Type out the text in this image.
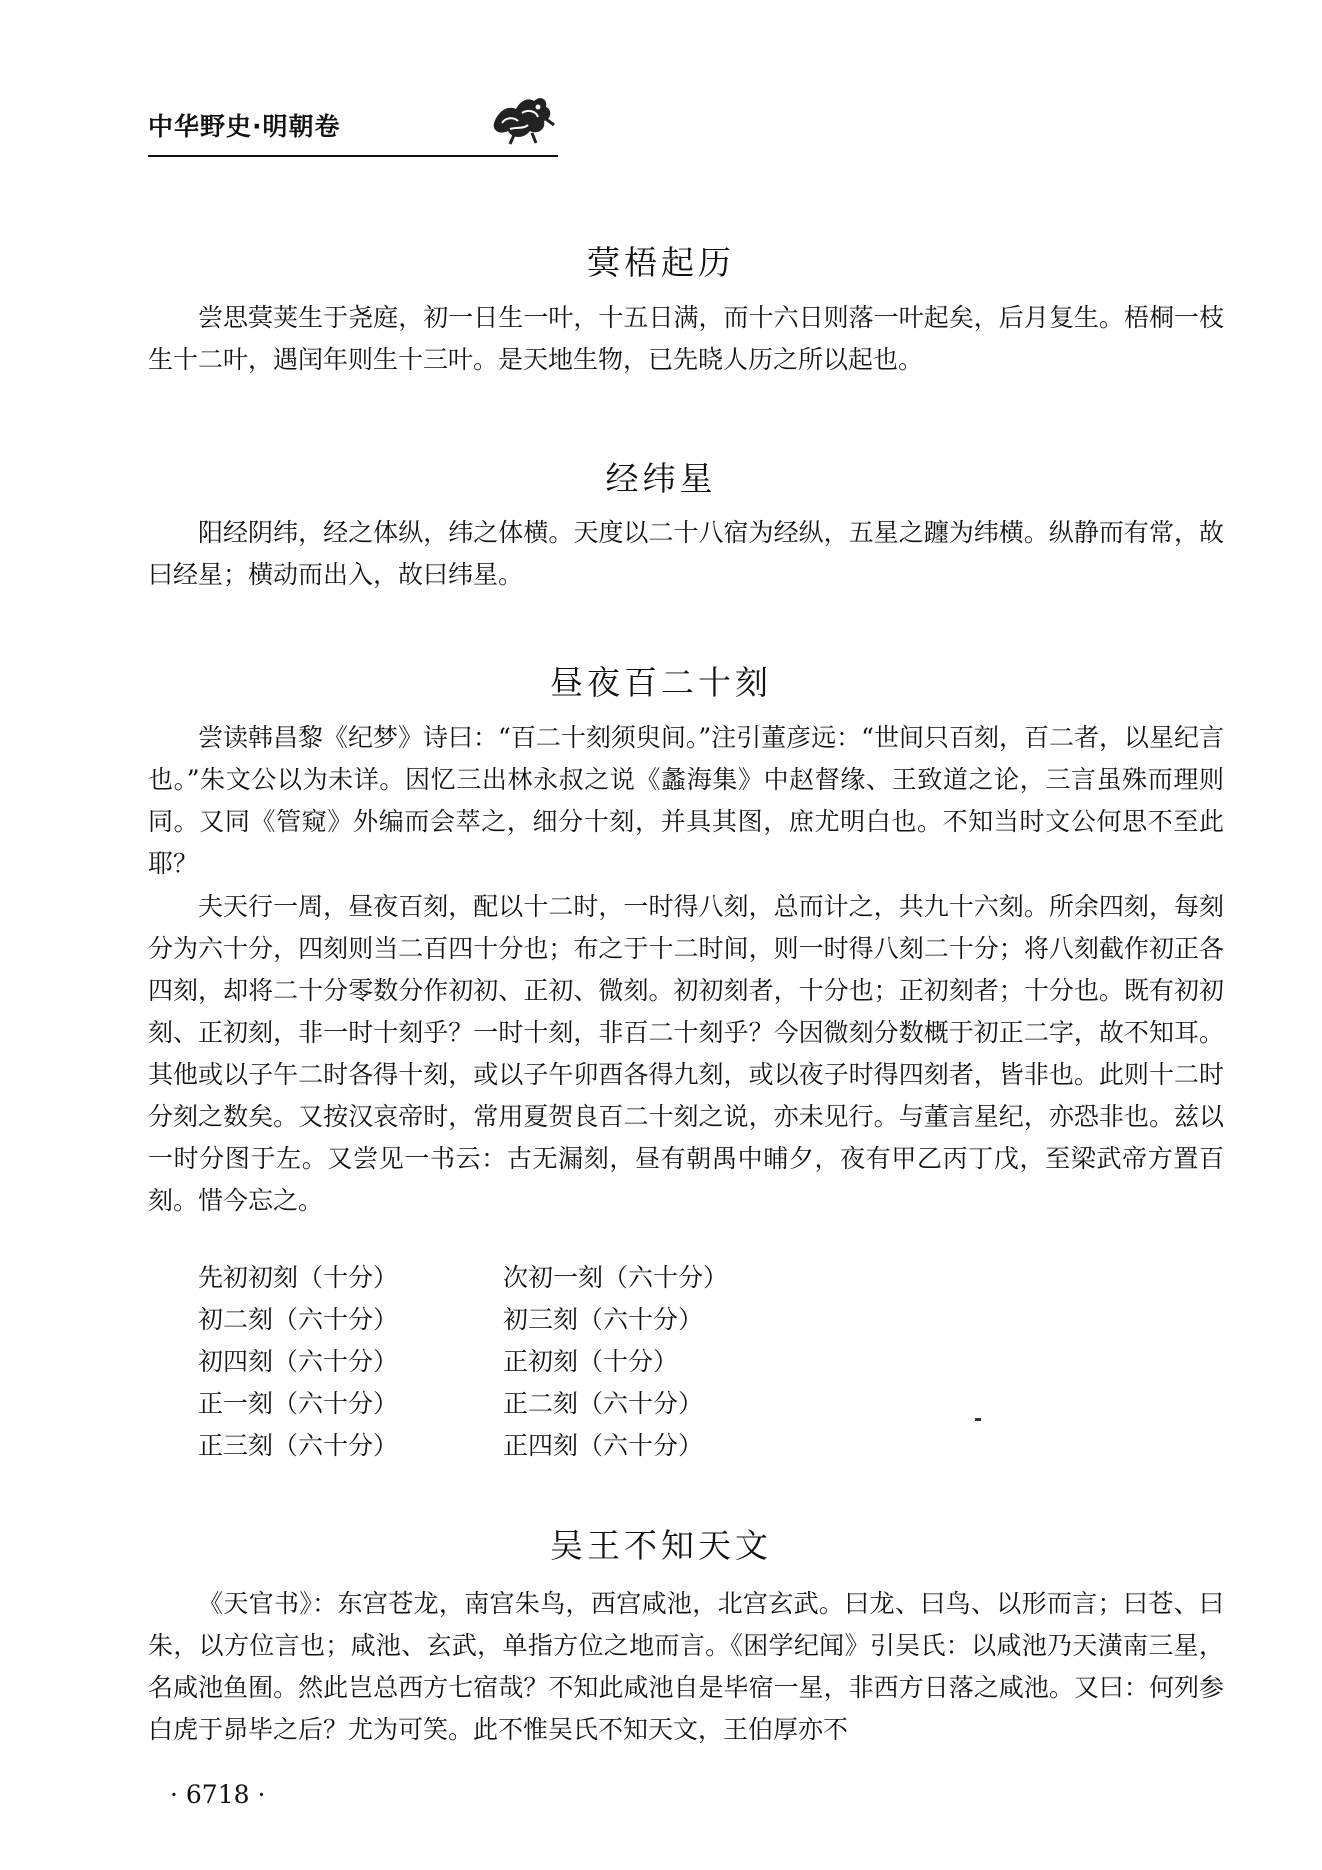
中华野史·明朝卷
蓂梧起历

尝思蓂荚生于尧庭，初一日生一叶，十五日满，而十六日则落一叶起矣，后月复生。梧桐一枝生十二叶，遇闰年则生十三叶。是天地生物，已先晓人历之所以起也。

经纬星

阳经阴纬，经之体纵，纬之体横。天度以二十八宿为经纵，五星之躔为纬横。纵静而有常，故曰经星；横动而出入，故曰纬星。

昼夜百二十刻

尝读韩昌黎《纪梦》诗曰：“百二十刻须臾间。”注引董彦远：“世间只百刻，百二者，以星纪言也。”朱文公以为未详。因忆三出林永叔之说《蠡海集》中赵督缘、王致道之论，三言虽殊而理则同。又同《管窥》外编而会萃之，细分十刻，并具其图，庶尤明白也。不知当时文公何思不至此耶？

夫天行一周，昼夜百刻，配以十二时，一时得八刻，总而计之，共九十六刻。所余四刻，每刻分为六十分，四刻则当二百四十分也；布之于十二时间，则一时得八刻二十分；将八刻截作初正各四刻，却将二十分零数分作初初、正初、微刻。初初刻者，十分也；正初刻者；十分也。既有初初刻、正初刻，非一时十刻乎？一时十刻，非百二十刻乎？今因微刻分数概于初正二字，故不知耳。其他或以子午二时各得十刻，或以子午卯酉各得九刻，或以夜子时得四刻者，皆非也。此则十二时分刻之数矣。又按汉哀帝时，常用夏贺良百二十刻之说，亦未见行。与董言星纪，亦恐非也。兹以一时分图于左。又尝见一书云：古无漏刻，昼有朝禺中晡夕，夜有甲乙丙丁戊，至梁武帝方置百刻。惜今忘之。

先初初刻（十分）	次初一刻（六十分）
初二刻（六十分）	初三刻（六十分）
初四刻（六十分）	正初刻（十分）
正一刻（六十分）	正二刻（六十分）
正三刻（六十分）	正四刻（六十分）
吴王不知天文

《天官书》：东宫苍龙，南宫朱鸟，西宫咸池，北宫玄武。曰龙、曰鸟、以形而言；曰苍、曰朱，以方位言也；咸池、玄武，单指方位之地而言。《困学纪闻》引吴氏：以咸池乃天潢南三星，名咸池鱼囿。然此岂总西方七宿哉？不知此咸池自是毕宿一星，非西方日落之咸池。又曰：何列参白虎于昴毕之后？尤为可笑。此不惟吴氏不知天文，王伯厚亦不

· 6718 ·
